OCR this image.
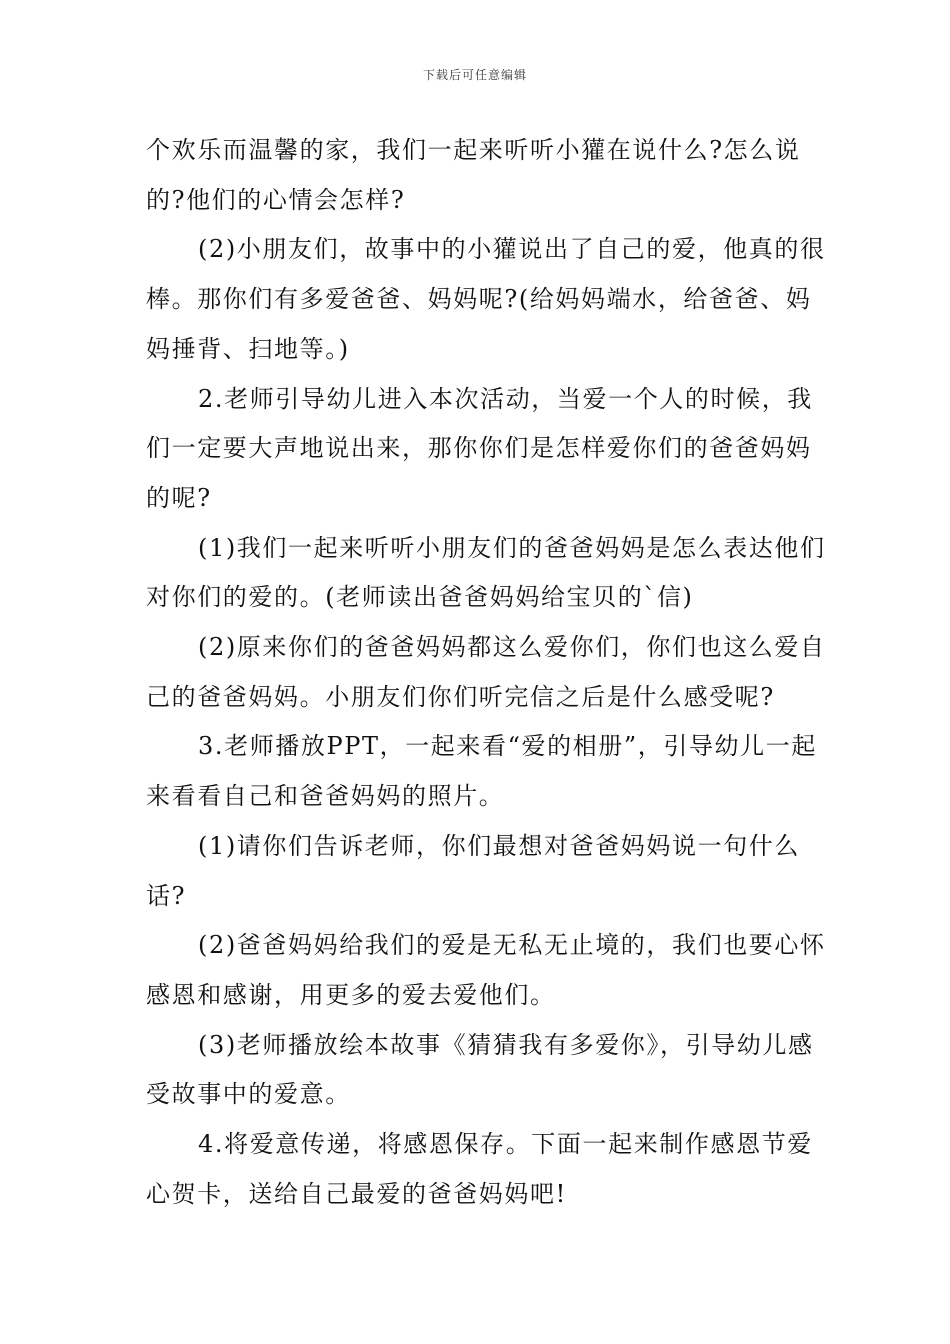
下载后可任意编辑

个欢乐而温馨的家，我们一起来听听小獾在说什么?怎么说的?他们的心情会怎样?

(2)小朋友们，故事中的小獾说出了自己的爱，他真的很棒。那你们有多爱爸爸、妈妈呢?(给妈妈端水，给爸爸、妈妈捶背、扫地等。)

2.老师引导幼儿进入本次活动，当爱一个人的时候，我们一定要大声地说出来，那你你们是怎样爱你们的爸爸妈妈的呢?

(1)我们一起来听听小朋友们的爸爸妈妈是怎么表达他们对你们的爱的。(老师读出爸爸妈妈给宝贝的`信)

(2)原来你们的爸爸妈妈都这么爱你们，你们也这么爱自己的爸爸妈妈。小朋友们你们听完信之后是什么感受呢?

3.老师播放PPT，一起来看“爱的相册”，引导幼儿一起来看看自己和爸爸妈妈的照片。

(1)请你们告诉老师，你们最想对爸爸妈妈说一句什么话?

(2)爸爸妈妈给我们的爱是无私无止境的，我们也要心怀感恩和感谢，用更多的爱去爱他们。

(3)老师播放绘本故事《猜猜我有多爱你》，引导幼儿感受故事中的爱意。

4.将爱意传递，将感恩保存。下面一起来制作感恩节爱心贺卡，送给自己最爱的爸爸妈妈吧!
